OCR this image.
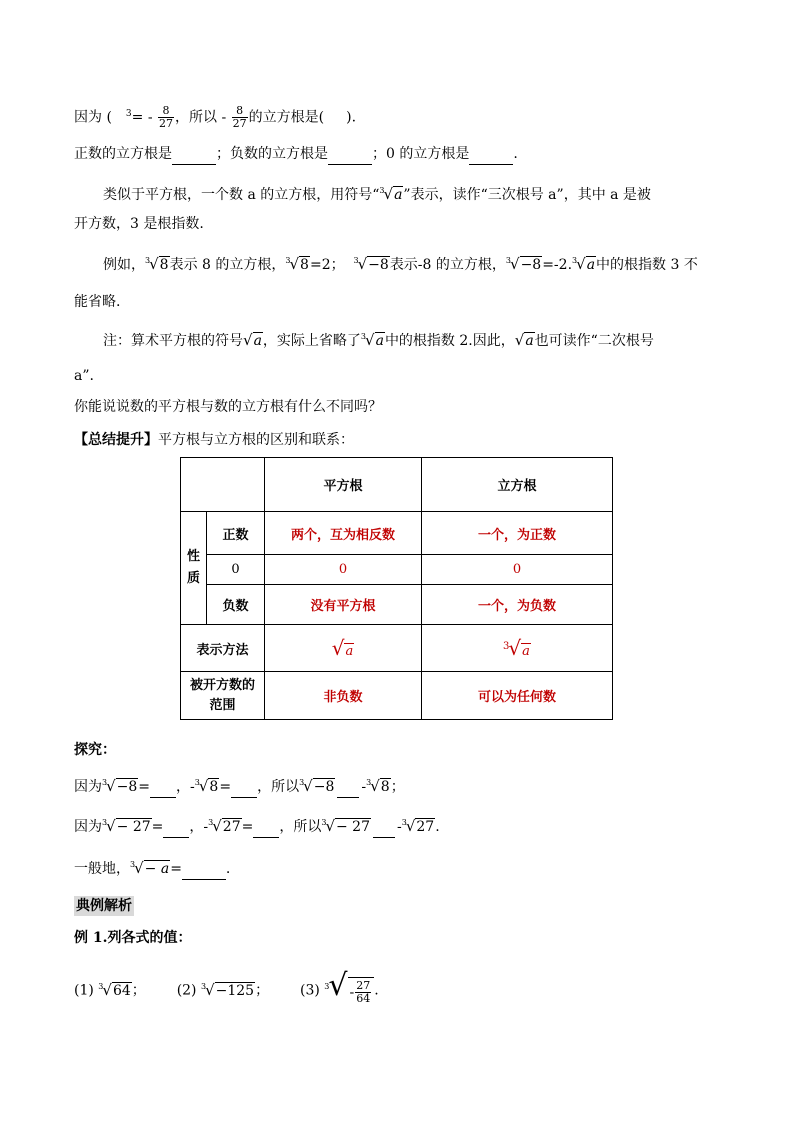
因为 ( $^3= - \frac{8}{27}$ ，所以 - $\frac{8}{27}$ 的立方根是( ).
正数的立方根是	；负数的立方根是	；0 的立方根是	.
类似于平方根，一个数 a 的立方根，用符号“$^3$√a”表示，读作“三次根号 a”，其中 a 是被
开方数，3 是根指数.
例如，$^3$√8表示 8 的立方根，$^3$√8=2； $^3$√−8表示-8 的立方根，$^3$√−8=-2.$^3$√a中的根指数 3 不
能省略.
注：算术平方根的符号√a，实际上省略了$^3$√a中的根指数 2.因此，√a也可读作“二次根号
a”.
你能说说数的平方根与数的立方根有什么不同吗？
【总结提升】平方根与立方根的区别和联系：
		平方根	立方根
性
质	正数	两个，互为相反数	一个，为正数
	0	0	0
	负数	没有平方根	一个，为负数
表示方法		√a	$^3$√a
被开方数的范围		非负数	可以为任何数
探究：
因为$^3$√−8= ，-$^3$√8= ，所以$^3$√−8 -$^3$√8；
因为$^3$√− 27= ，-$^3$√27= ，所以$^3$√− 27 -$^3$√27.
一般地，$^3$√− a=	.
典例解析
例 1.列各式的值：
(1) $^3$√64； (2) $^3$√−125； (3) $^3√ - \frac{27}{64}$ .
